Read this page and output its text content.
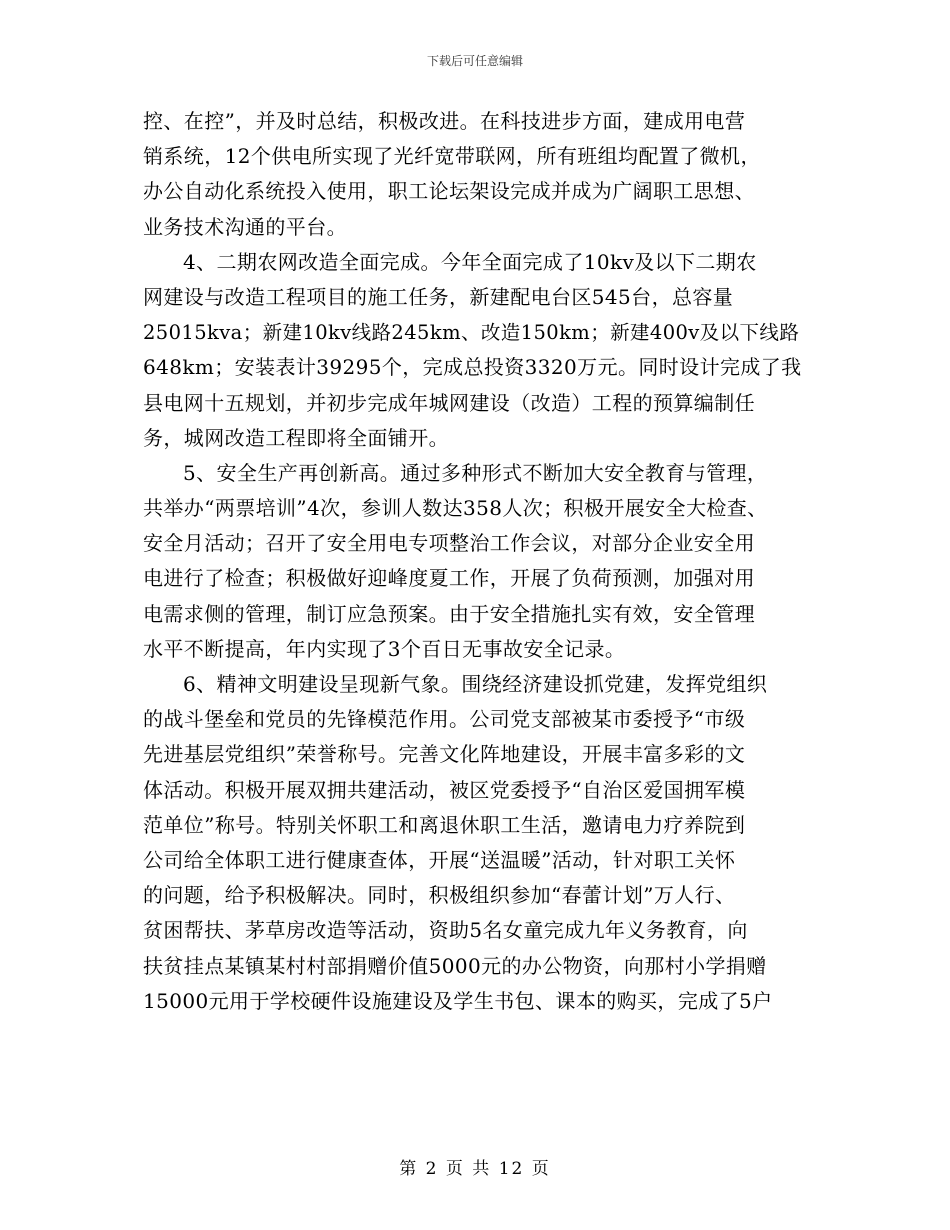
下载后可任意编辑
控、在控”，并及时总结，积极改进。在科技进步方面，建成用电营
销系统，12个供电所实现了光纤宽带联网，所有班组均配置了微机，
办公自动化系统投入使用，职工论坛架设完成并成为广阔职工思想、
业务技术沟通的平台。
4、二期农网改造全面完成。今年全面完成了10kv及以下二期农
网建设与改造工程项目的施工任务，新建配电台区545台，总容量
25015kva；新建10kv线路245km、改造150km；新建400v及以下线路
648km；安装表计39295个，完成总投资3320万元。同时设计完成了我
县电网十五规划，并初步完成年城网建设（改造）工程的预算编制任
务，城网改造工程即将全面铺开。
5、安全生产再创新高。通过多种形式不断加大安全教育与管理，
共举办“两票培训”4次，参训人数达358人次；积极开展安全大检查、
安全月活动；召开了安全用电专项整治工作会议，对部分企业安全用
电进行了检查；积极做好迎峰度夏工作，开展了负荷预测，加强对用
电需求侧的管理，制订应急预案。由于安全措施扎实有效，安全管理
水平不断提高，年内实现了3个百日无事故安全记录。
6、精神文明建设呈现新气象。围绕经济建设抓党建，发挥党组织
的战斗堡垒和党员的先锋模范作用。公司党支部被某市委授予“市级
先进基层党组织”荣誉称号。完善文化阵地建设，开展丰富多彩的文
体活动。积极开展双拥共建活动，被区党委授予“自治区爱国拥军模
范单位”称号。特别关怀职工和离退休职工生活，邀请电力疗养院到
公司给全体职工进行健康查体，开展“送温暖”活动，针对职工关怀
的问题，给予积极解决。同时，积极组织参加“春蕾计划”万人行、
贫困帮扶、茅草房改造等活动，资助5名女童完成九年义务教育，向
扶贫挂点某镇某村村部捐赠价值5000元的办公物资，向那村小学捐赠
15000元用于学校硬件设施建设及学生书包、课本的购买，完成了5户
第 2 页 共 12 页
